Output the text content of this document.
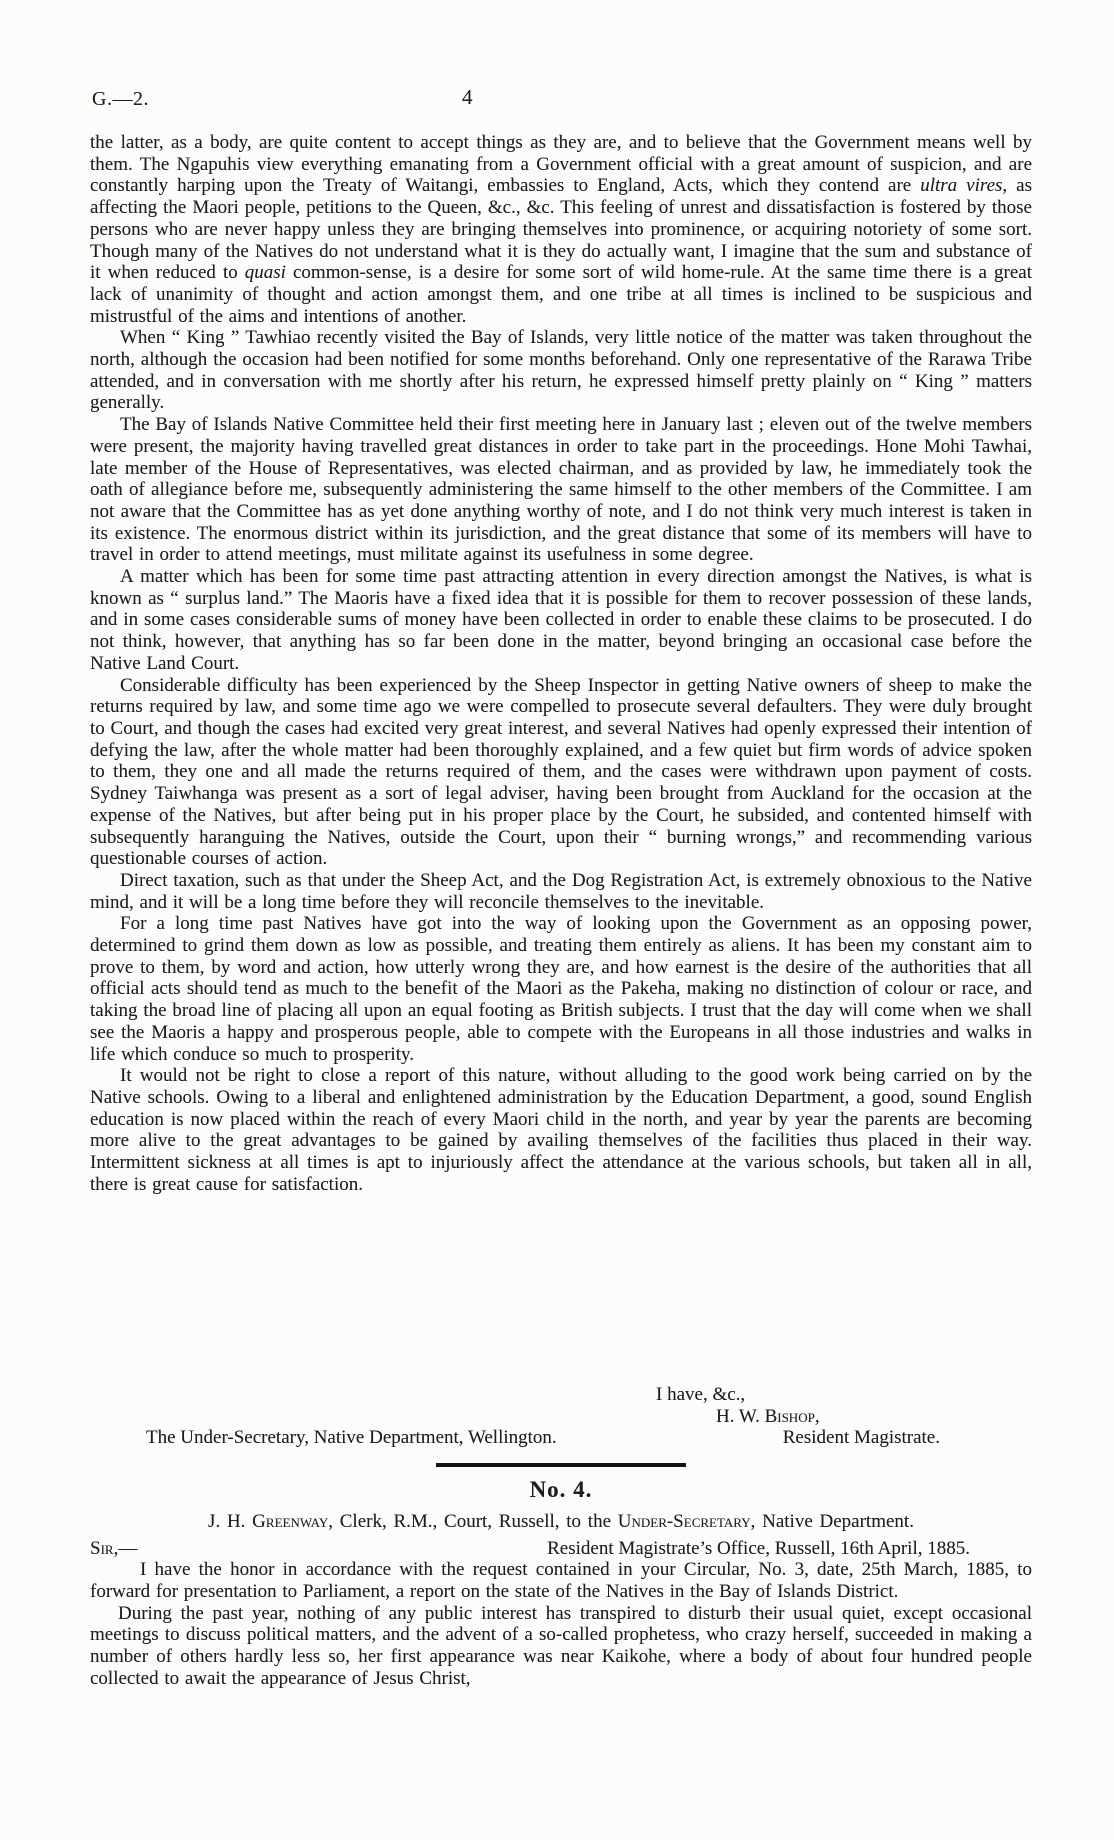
G.—2.	4

the latter, as a body, are quite content to accept things as they are, and to believe that the Government means well by them. The Ngapuhis view everything emanating from a Government official with a great amount of suspicion, and are constantly harping upon the Treaty of Waitangi, embassies to England, Acts, which they contend are ultra vires, as affecting the Maori people, petitions to the Queen, &c., &c. This feeling of unrest and dissatisfaction is fostered by those persons who are never happy unless they are bringing themselves into prominence, or acquiring notoriety of some sort. Though many of the Natives do not understand what it is they do actually want, I imagine that the sum and substance of it when reduced to quasi common-sense, is a desire for some sort of wild home-rule. At the same time there is a great lack of unanimity of thought and action amongst them, and one tribe at all times is inclined to be suspicious and mistrustful of the aims and intentions of another.

When “ King ” Tawhiao recently visited the Bay of Islands, very little notice of the matter was taken throughout the north, although the occasion had been notified for some months beforehand. Only one representative of the Rarawa Tribe attended, and in conversation with me shortly after his return, he expressed himself pretty plainly on “ King ” matters generally.

The Bay of Islands Native Committee held their first meeting here in January last ; eleven out of the twelve members were present, the majority having travelled great distances in order to take part in the proceedings. Hone Mohi Tawhai, late member of the House of Representatives, was elected chairman, and as provided by law, he immediately took the oath of allegiance before me, subsequently administering the same himself to the other members of the Committee. I am not aware that the Committee has as yet done anything worthy of note, and I do not think very much interest is taken in its existence. The enormous district within its jurisdiction, and the great distance that some of its members will have to travel in order to attend meetings, must militate against its usefulness in some degree.

A matter which has been for some time past attracting attention in every direction amongst the Natives, is what is known as “ surplus land.” The Maoris have a fixed idea that it is possible for them to recover possession of these lands, and in some cases considerable sums of money have been collected in order to enable these claims to be prosecuted. I do not think, however, that anything has so far been done in the matter, beyond bringing an occasional case before the Native Land Court.

Considerable difficulty has been experienced by the Sheep Inspector in getting Native owners of sheep to make the returns required by law, and some time ago we were compelled to prosecute several defaulters. They were duly brought to Court, and though the cases had excited very great interest, and several Natives had openly expressed their intention of defying the law, after the whole matter had been thoroughly explained, and a few quiet but firm words of advice spoken to them, they one and all made the returns required of them, and the cases were withdrawn upon payment of costs. Sydney Taiwhanga was present as a sort of legal adviser, having been brought from Auckland for the occasion at the expense of the Natives, but after being put in his proper place by the Court, he subsided, and contented himself with subsequently haranguing the Natives, outside the Court, upon their “ burning wrongs,” and recommending various questionable courses of action.

Direct taxation, such as that under the Sheep Act, and the Dog Registration Act, is extremely obnoxious to the Native mind, and it will be a long time before they will reconcile themselves to the inevitable.

For a long time past Natives have got into the way of looking upon the Government as an opposing power, determined to grind them down as low as possible, and treating them entirely as aliens. It has been my constant aim to prove to them, by word and action, how utterly wrong they are, and how earnest is the desire of the authorities that all official acts should tend as much to the benefit of the Maori as the Pakeha, making no distinction of colour or race, and taking the broad line of placing all upon an equal footing as British subjects. I trust that the day will come when we shall see the Maoris a happy and prosperous people, able to compete with the Europeans in all those industries and walks in life which conduce so much to prosperity.

It would not be right to close a report of this nature, without alluding to the good work being carried on by the Native schools. Owing to a liberal and enlightened administration by the Education Department, a good, sound English education is now placed within the reach of every Maori child in the north, and year by year the parents are becoming more alive to the great advantages to be gained by availing themselves of the facilities thus placed in their way. Intermittent sickness at all times is apt to injuriously affect the attendance at the various schools, but taken all in all, there is great cause for satisfaction.

I have, &c.,
H. W. Bishop,
The Under-Secretary, Native Department, Wellington.	Resident Magistrate.
No. 4.
J. H. Greenway, Clerk, R.M., Court, Russell, to the Under-Secretary, Native Department.
Sir,—	Resident Magistrate’s Office, Russell, 16th April, 1885.

I have the honor in accordance with the request contained in your Circular, No. 3, date, 25th March, 1885, to forward for presentation to Parliament, a report on the state of the Natives in the Bay of Islands District.

During the past year, nothing of any public interest has transpired to disturb their usual quiet, except occasional meetings to discuss political matters, and the advent of a so-called prophetess, who crazy herself, succeeded in making a number of others hardly less so, her first appearance was near Kaikohe, where a body of about four hundred people collected to await the appearance of Jesus Christ,
